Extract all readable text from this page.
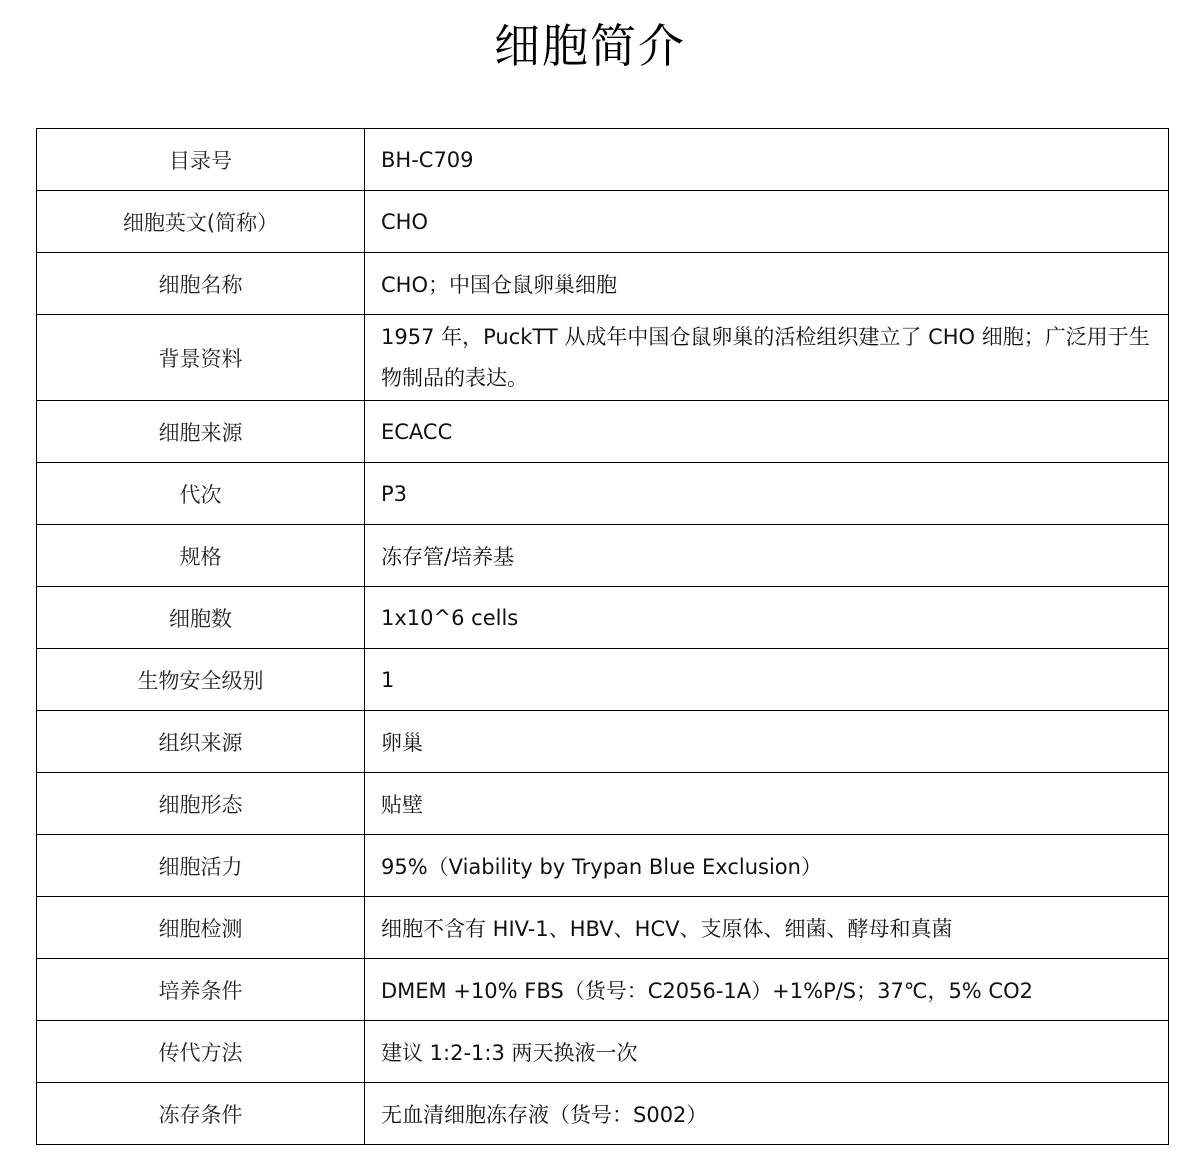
细胞简介
目录号	BH-C709
细胞英文(简称）	CHO
细胞名称	CHO；中国仓鼠卵巢细胞
背景资料	1957 年，PuckTT 从成年中国仓鼠卵巢的活检组织建立了 CHO 细胞；广泛用于生物制品的表达。
细胞来源	ECACC
代次	P3
规格	冻存管/培养基
细胞数	1x10^6 cells
生物安全级别	1
组织来源	卵巢
细胞形态	贴壁
细胞活力	95%（Viability by Trypan Blue Exclusion）
细胞检测	细胞不含有 HIV-1、HBV、HCV、支原体、细菌、酵母和真菌
培养条件	DMEM +10% FBS（货号：C2056-1A）+1%P/S；37℃，5% CO2
传代方法	建议 1:2-1:3 两天换液一次
冻存条件	无血清细胞冻存液（货号：S002）
